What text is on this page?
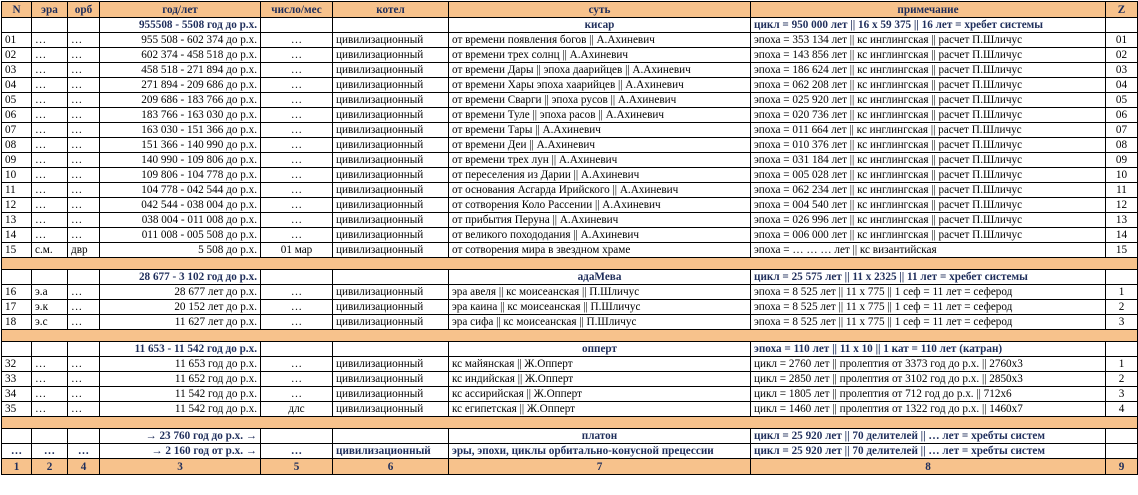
N	эра	орб	год/лет	число/мес	котел	суть	примечание	Z
			955508 - 5508 год до р.х.			кисар	цикл = 950 000 лет || 16 х 59 375 || 16 лет = хребет системы	
01	…	…	955 508 - 602 374 до р.х.	…	цивилизационный	от времени появления богов || А.Ахиневич	эпоха = 353 134 лет || кс инглингская || расчет П.Шличус	01
02	…	…	602 374 - 458 518 до р.х.	…	цивилизационный	от времени трех солнц || А.Ахиневич	эпоха = 143 856 лет || кс инглингская || расчет П.Шличус	02
03	…	…	458 518 - 271 894 до р.х.	…	цивилизационный	от времени Дары || эпоха даарийцев || А.Ахиневич	эпоха = 186 624 лет || кс инглингская || расчет П.Шличус	03
04	…	…	271 894 - 209 686 до р.х.	…	цивилизационный	от времени Хары эпоха хаарийцев || А.Ахиневич	эпоха = 062 208 лет || кс инглингская || расчет П.Шличус	04
05	…	…	209 686 - 183 766 до р.х.	…	цивилизационный	от времени Сварги || эпоха русов || А.Ахиневич	эпоха = 025 920 лет || кс инглингская || расчет П.Шличус	05
06	…	…	183 766 - 163 030 до р.х.	…	цивилизационный	от времени Туле || эпоха расов || А.Ахиневич	эпоха = 020 736 лет || кс инглингская || расчет П.Шличус	06
07	…	…	163 030 - 151 366 до р.х.	…	цивилизационный	от времени Тары || А.Ахиневич	эпоха = 011 664 лет || кс инглингская || расчет П.Шличус	07
08	…	…	151 366 - 140 990 до р.х.	…	цивилизационный	от времени Деи || А.Ахиневич	эпоха = 010 376 лет || кс инглингская || расчет П.Шличус	08
09	…	…	140 990 - 109 806 до р.х.	…	цивилизационный	от времени трех лун || А.Ахиневич	эпоха = 031 184 лет || кс инглингская || расчет П.Шличус	09
10	…	…	109 806 - 104 778 до р.х.	…	цивилизационный	от переселения из Дарии || А.Ахиневич	эпоха = 005 028 лет || кс инглингская || расчет П.Шличус	10
11	…	…	104 778 - 042 544 до р.х.	…	цивилизационный	от основания Асгарда Ирийского || А.Ахиневич	эпоха = 062 234 лет || кс инглингская || расчет П.Шличус	11
12	…	…	042 544 - 038 004 до р.х.	…	цивилизационный	от сотворения Коло Рассении || А.Ахиневич	эпоха = 004 540 лет || кс инглингская || расчет П.Шличус	12
13	…	…	038 004 - 011 008 до р.х.	…	цивилизационный	от прибытия Перуна || А.Ахиневич	эпоха = 026 996 лет || кс инглингская || расчет П.Шличус	13
14	…	…	011 008 - 005 508 до р.х.	…	цивилизационный	от великого похододания || А.Ахиневич	эпоха = 006 000 лет || кс инглингская || расчет П.Шличус	14
15	с.м.	двр	5 508 до р.х.	01 мар	цивилизационный	от сотворения мира в звездном храме	эпоха = … … … лет || кс византийская	15

			28 677 - 3 102 год до р.х.			адаМева	цикл = 25 575 лет || 11 х 2325 || 11 лет = хребет системы	
16	э.а	…	28 677 лет до р.х.	…	цивилизационный	эра авеля || кс моисеанская || П.Шличус	эпоха = 8 525 лет || 11 х 775 || 1 сеф = 11 лет = сеферод	1
17	э.к	…	20 152 лет до р.х.	…	цивилизационный	эра каина || кс моисеанская || П.Шличус	эпоха = 8 525 лет || 11 х 775 || 1 сеф = 11 лет = сеферод	2
18	э.с	…	11 627 лет до р.х.	…	цивилизационный	эра сифа || кс моисеанская || П.Шличус	эпоха = 8 525 лет || 11 х 775 || 1 сеф = 11 лет = сеферод	3

			11 653 - 11 542 год до р.х.			опперт	эпоха = 110 лет || 11 х 10 || 1 кат = 110 лет (катран)	
32	…	…	11 653 год до р.х.	…	цивилизационный	кс майянская || Ж.Опперт	цикл = 2760 лет || пролептия от 3373 год до р.х. || 2760х3	1
33	…	…	11 652 год до р.х.	…	цивилизационный	кс индийская || Ж.Опперт	цикл = 2850 лет || пролептия от 3102 год до р.х. || 2850х3	2
34	…	…	11 542 год до р.х.	…	цивилизационный	кс ассирийская || Ж.Опперт	цикл = 1805 лет || пролептия от 712 год до р.х. || 712х6	3
35	…	…	11 542 год до р.х.	длс	цивилизационный	кс египетская || Ж.Опперт	цикл = 1460 лет || пролептия от 1322 год до р.х. || 1460х7	4

			→ 23 760 год до р.х. →			платон	цикл = 25 920 лет || 70 делителей || … лет = хребты систем	
…	…	…	→ 2 160 год от р.х. →	…	цивилизационный	эры, эпохи, циклы орбитально-конусной прецессии	цикл = 25 920 лет || 70 делителей || … лет = хребты систем	
1	2	4	3	5	6	7	8	9
